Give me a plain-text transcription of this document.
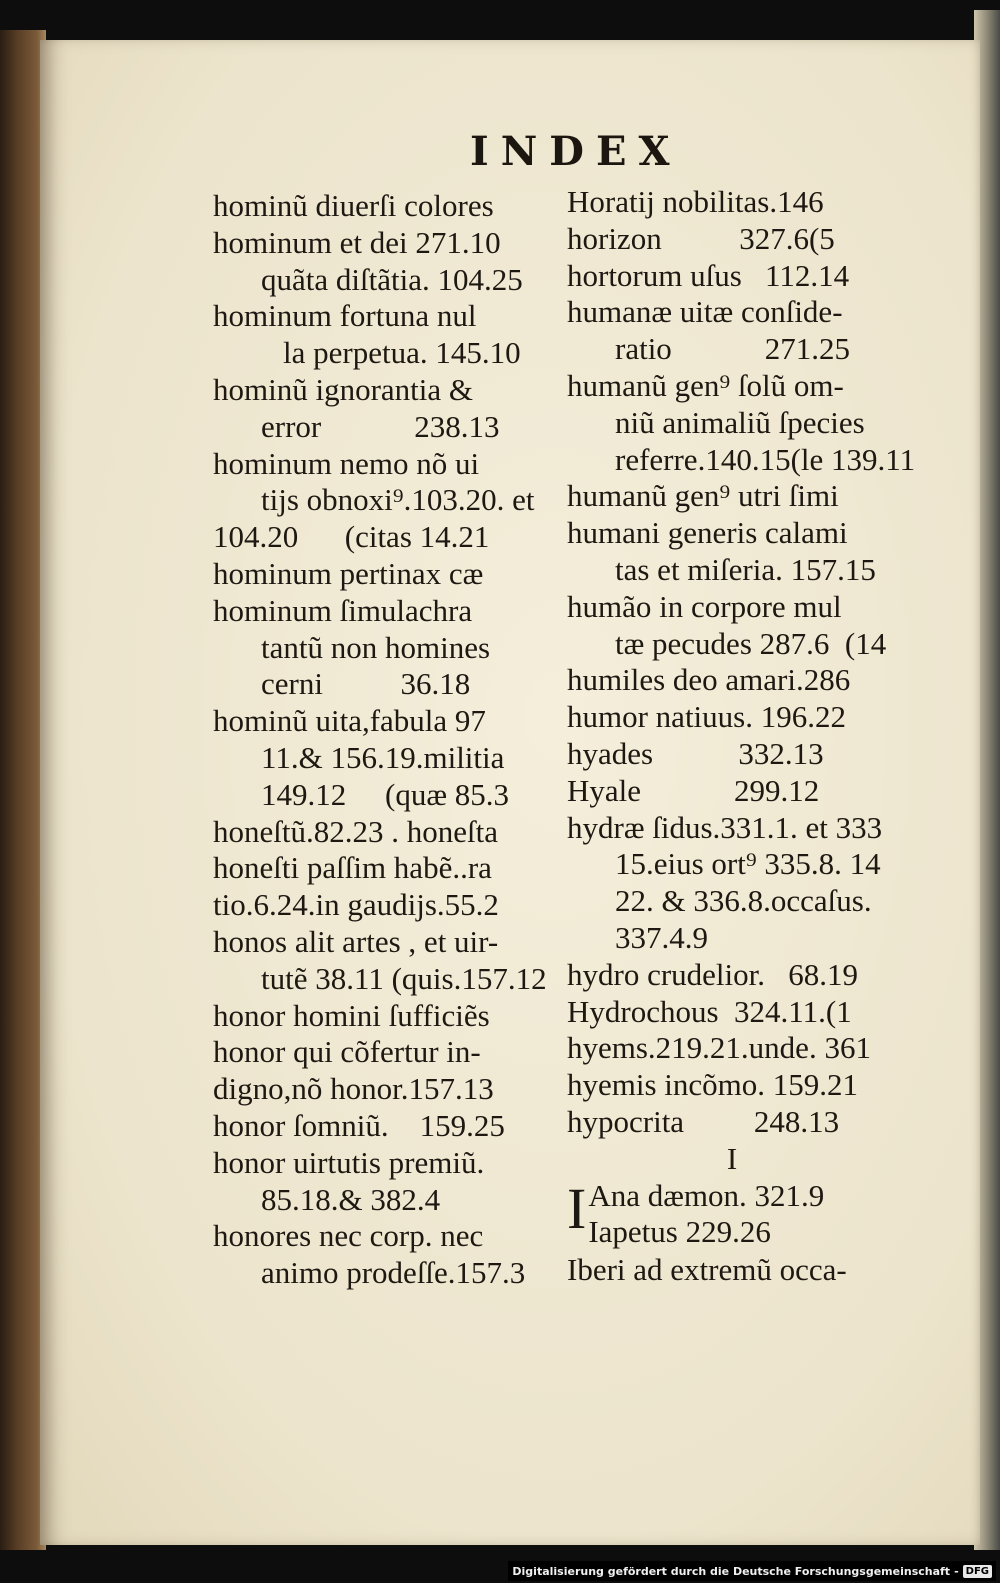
INDEX
hominũ diuerſi colores
hominum et dei 271.10
quãta diſtãtia. 104.25
hominum fortuna nul
la perpetua. 145.10
hominũ ignorantia &
error            238.13
hominum nemo nõ ui
tijs obnoxi⁹.103.20. et
104.20      (citas 14.21
hominum pertinax cæ
hominum ſimulachra
tantũ non homines
cerni          36.18
hominũ uita,fabula 97
11.& 156.19.militia
149.12     (quæ 85.3
honeſtũ.82.23 . honeſta
honeſti paſſim habẽ..ra
tio.6.24.in gaudijs.55.2
honos alit artes , et uir-
tutẽ 38.11 (quis.157.12
honor homini ſufficiẽs
honor qui cõfertur in-
digno,nõ honor.157.13
honor ſomniũ.    159.25
honor uirtutis premiũ.
85.18.& 382.4
honores nec corp. nec
animo prodeſſe.157.3
Horatij nobilitas.146
horizon          327.6(5
hortorum uſus   112.14
humanæ uitæ conſide-
ratio            271.25
humanũ gen⁹ ſolũ om-
niũ animaliũ ſpecies
referre.140.15(le 139.11
humanũ gen⁹ utri ſimi
humani generis calami
tas et miſeria. 157.15
humão in corpore mul
tæ pecudes 287.6  (14
humiles deo amari.286
humor natiuus. 196.22
hyades           332.13
Hyale            299.12
hydræ ſidus.331.1. et 333
15.eius ort⁹ 335.8. 14
22. & 336.8.occaſus.
337.4.9
hydro crudelior.   68.19
Hydrochous  324.11.(1
hyems.219.21.unde. 361
hyemis incõmo. 159.21
hypocrita         248.13
I
I Ana dæmon. 321.9
Iapetus 229.26
Iberi ad extremũ occa-
Digitalisierung gefördert durch die Deutsche Forschungsgemeinschaft - DFG
